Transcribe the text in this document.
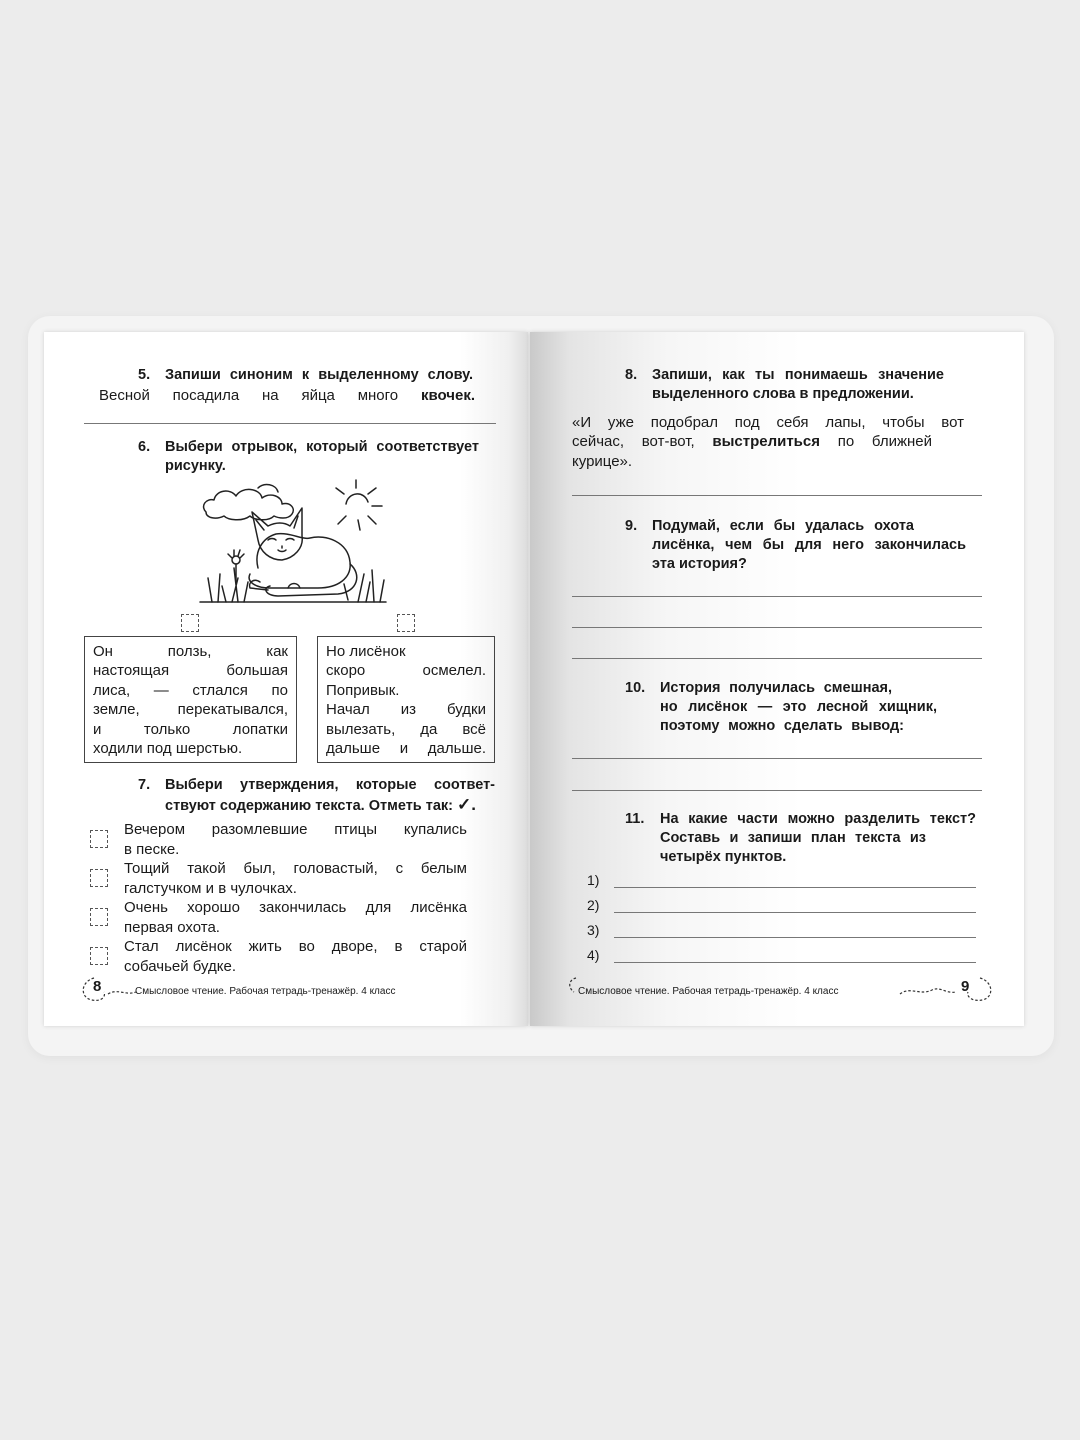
5. Запиши синоним к выделенному слову.
Весной посадила на яйца много квочек.
6. Выбери отрывок, который соответствует
рисунку.
Он ползь, как
настоящая большая
лиса, — стлался по
земле, перекатывался,
и только лопатки
ходили под шерстью.
Но лисёнок
скоро осмелел.
Попривык.
Начал из будки
вылезать, да всё
дальше и дальше.
7. Выбери утверждения, которые соответ-
ствуют содержанию текста. Отметь так: ✓.
Вечером разомлевшие птицы купались
в песке.
Тощий такой был, головастый, с белым
галстучком и в чулочках.
Очень хорошо закончилась для лисёнка
первая охота.
Стал лисёнок жить во дворе, в старой
собачьей будке.
8	Смысловое чтение. Рабочая тетрадь-тренажёр. 4 класс
8. Запиши, как ты понимаешь значение
выделенного слова в предложении.
«И уже подобрал под себя лапы, чтобы вот
сейчас, вот-вот, выстрелиться по ближней
курице».
9. Подумай, если бы удалась охота
лисёнка, чем бы для него закончилась
эта история?
10. История получилась смешная,
но лисёнок — это лесной хищник,
поэтому можно сделать вывод:
11. На какие части можно разделить текст?
Составь и запиши план текста из
четырёх пунктов.
1)
2)
3)
4)
Смысловое чтение. Рабочая тетрадь-тренажёр. 4 класс	9
